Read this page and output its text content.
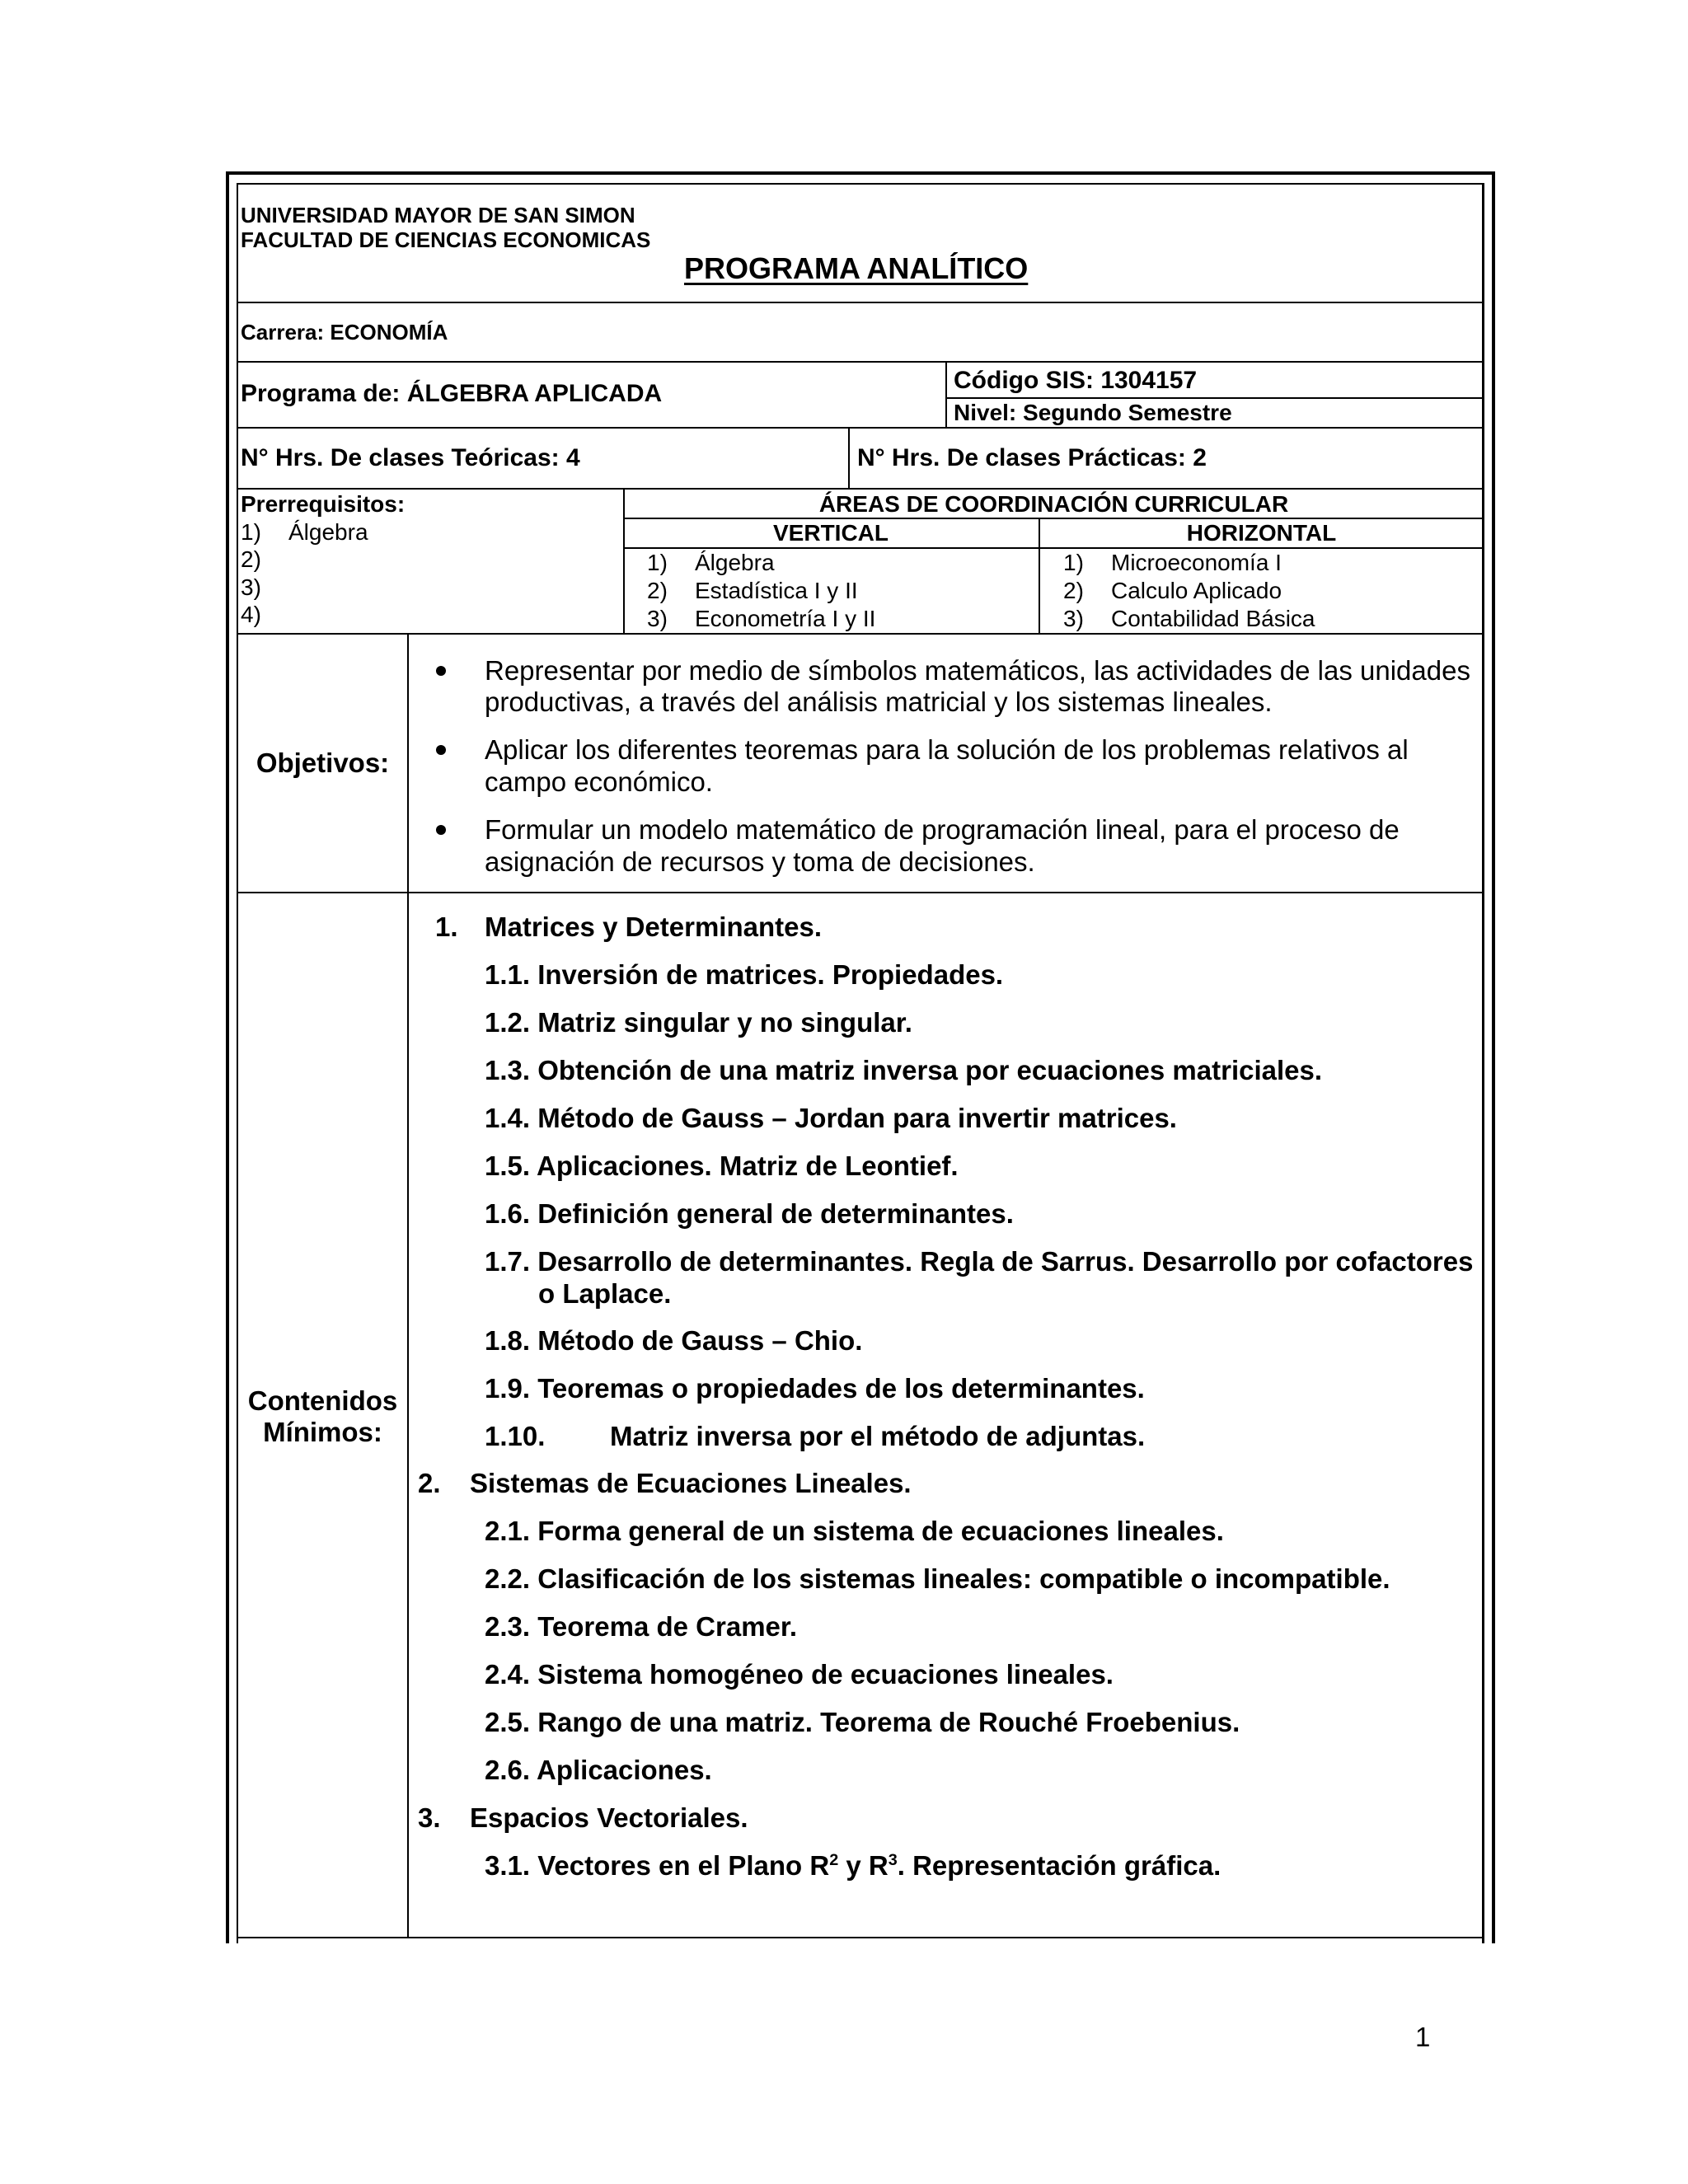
UNIVERSIDAD MAYOR DE SAN SIMON
FACULTAD DE CIENCIAS ECONOMICAS
PROGRAMA ANALÍTICO
Carrera: ECONOMÍA
Programa de: ÁLGEBRA APLICADA	Código SIS: 1304157
Nivel: Segundo Semestre
N° Hrs. De clases Teóricas: 4	N° Hrs. De clases Prácticas: 2
Prerrequisitos:
1) Álgebra
2)
3)
4)
ÁREAS DE COORDINACIÓN CURRICULAR
VERTICAL	HORIZONTAL
1) Álgebra
2) Estadística I y II
3) Econometría I y II
1) Microeconomía I
2) Calculo Aplicado
3) Contabilidad Básica
Objetivos:
Representar por medio de símbolos matemáticos, las actividades de las unidades
productivas, a través del análisis matricial y los sistemas lineales.
Aplicar los diferentes teoremas para la solución de los problemas relativos al
campo económico.
Formular un modelo matemático de programación lineal, para el proceso de
asignación de recursos y toma de decisiones.
Contenidos
Mínimos:
1. Matrices y Determinantes.
1.1. Inversión de matrices. Propiedades.
1.2. Matriz singular y no singular.
1.3. Obtención de una matriz inversa por ecuaciones matriciales.
1.4. Método de Gauss – Jordan para invertir matrices.
1.5. Aplicaciones. Matriz de Leontief.
1.6. Definición general de determinantes.
1.7. Desarrollo de determinantes. Regla de Sarrus. Desarrollo por cofactores
o Laplace.
1.8. Método de Gauss – Chio.
1.9. Teoremas o propiedades de los determinantes.
1.10. Matriz inversa por el método de adjuntas.
2. Sistemas de Ecuaciones Lineales.
2.1. Forma general de un sistema de ecuaciones lineales.
2.2. Clasificación de los sistemas lineales: compatible o incompatible.
2.3. Teorema de Cramer.
2.4. Sistema homogéneo de ecuaciones lineales.
2.5. Rango de una matriz. Teorema de Rouché Froebenius.
2.6. Aplicaciones.
3. Espacios Vectoriales.
3.1. Vectores en el Plano $R^2$ y $R^3$. Representación gráfica.
1
